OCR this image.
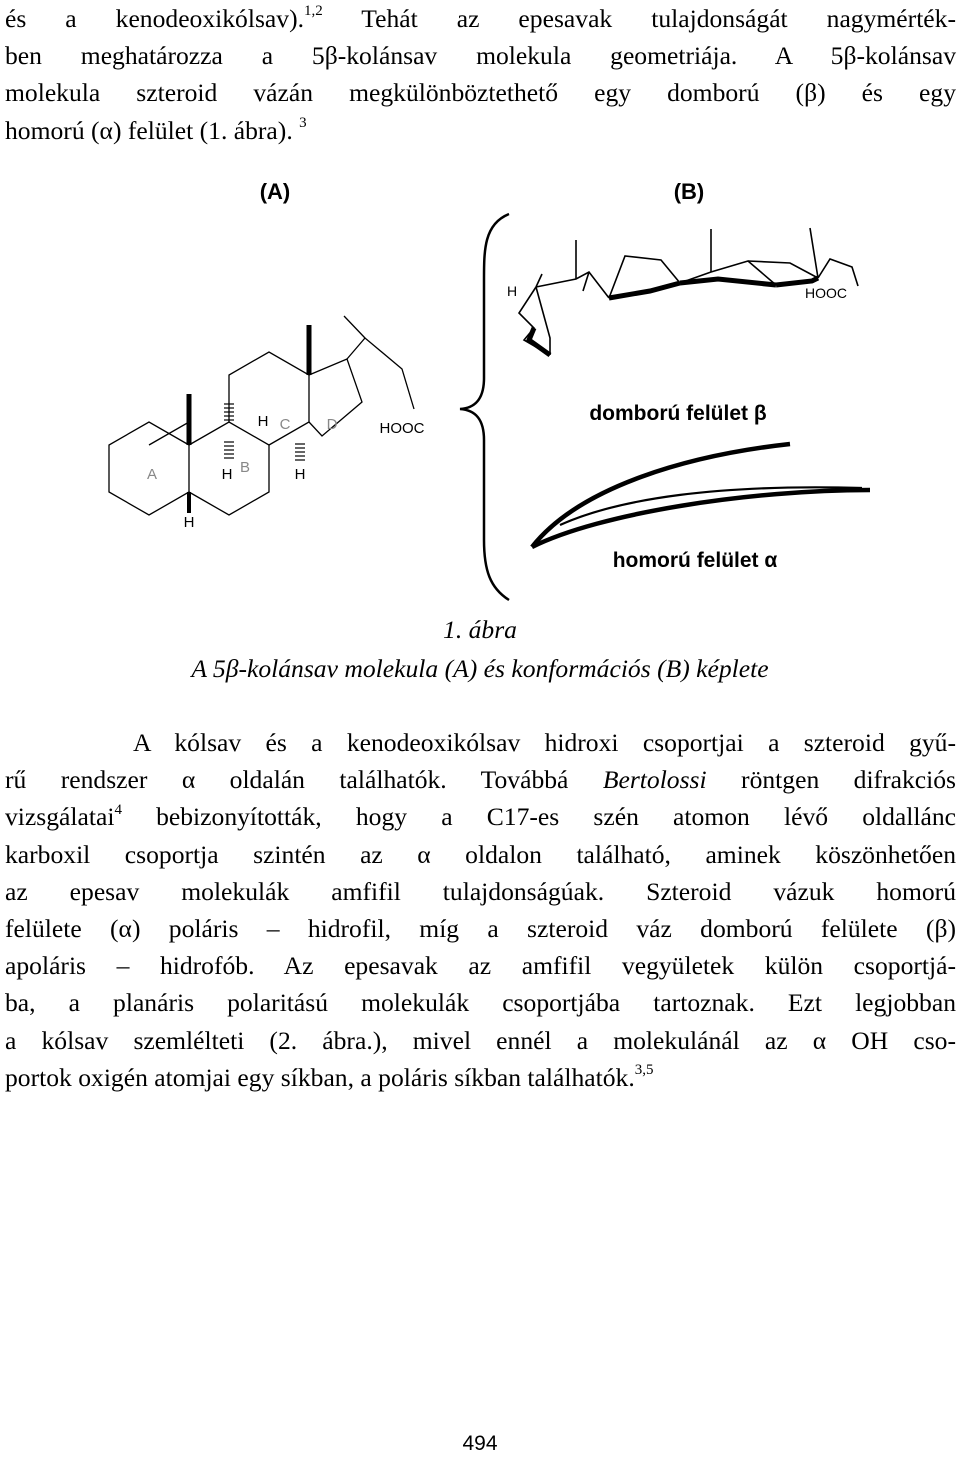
és a kenodeoxikólsav).$^{1,2}$ Tehát az epesavak tulajdonságát nagymérték-
ben meghatározza a 5β-kolánsav molekula geometriája. A 5β-kolánsav
molekula szteroid vázán megkülönböztethető egy domború (β) és egy
homorú (α) felület (1. ábra). $^3$
(A)	(B)
A	B
C D
H
H	H
H
HOOC
H	HOOC
domború felület β
homorú felület α
1. ábra
A 5β-kolánsav molekula (A) és konformációs (B) képlete
A kólsav és a kenodeoxikólsav hidroxi csoportjai a szteroid gyű-
rű rendszer α oldalán találhatók. Továbbá Bertolossi röntgen difrakciós
vizsgálatai$^4$ bebizonyították, hogy a C17-es szén atomon lévő oldallánc
karboxil csoportja szintén az α oldalon található, aminek köszönhetően
az epesav molekulák amfifil tulajdonságúak. Szteroid vázuk homorú
felülete (α) poláris – hidrofil, míg a szteroid váz domború felülete (β)
apoláris – hidrofób. Az epesavak az amfifil vegyületek külön csoportjá-
ba, a planáris polaritású molekulák csoportjába tartoznak. Ezt legjobban
a kólsav szemlélteti (2. ábra.), mivel ennél a molekulánál az α OH cso-
portok oxigén atomjai egy síkban, a poláris síkban találhatók.$^{3,5}$
494
